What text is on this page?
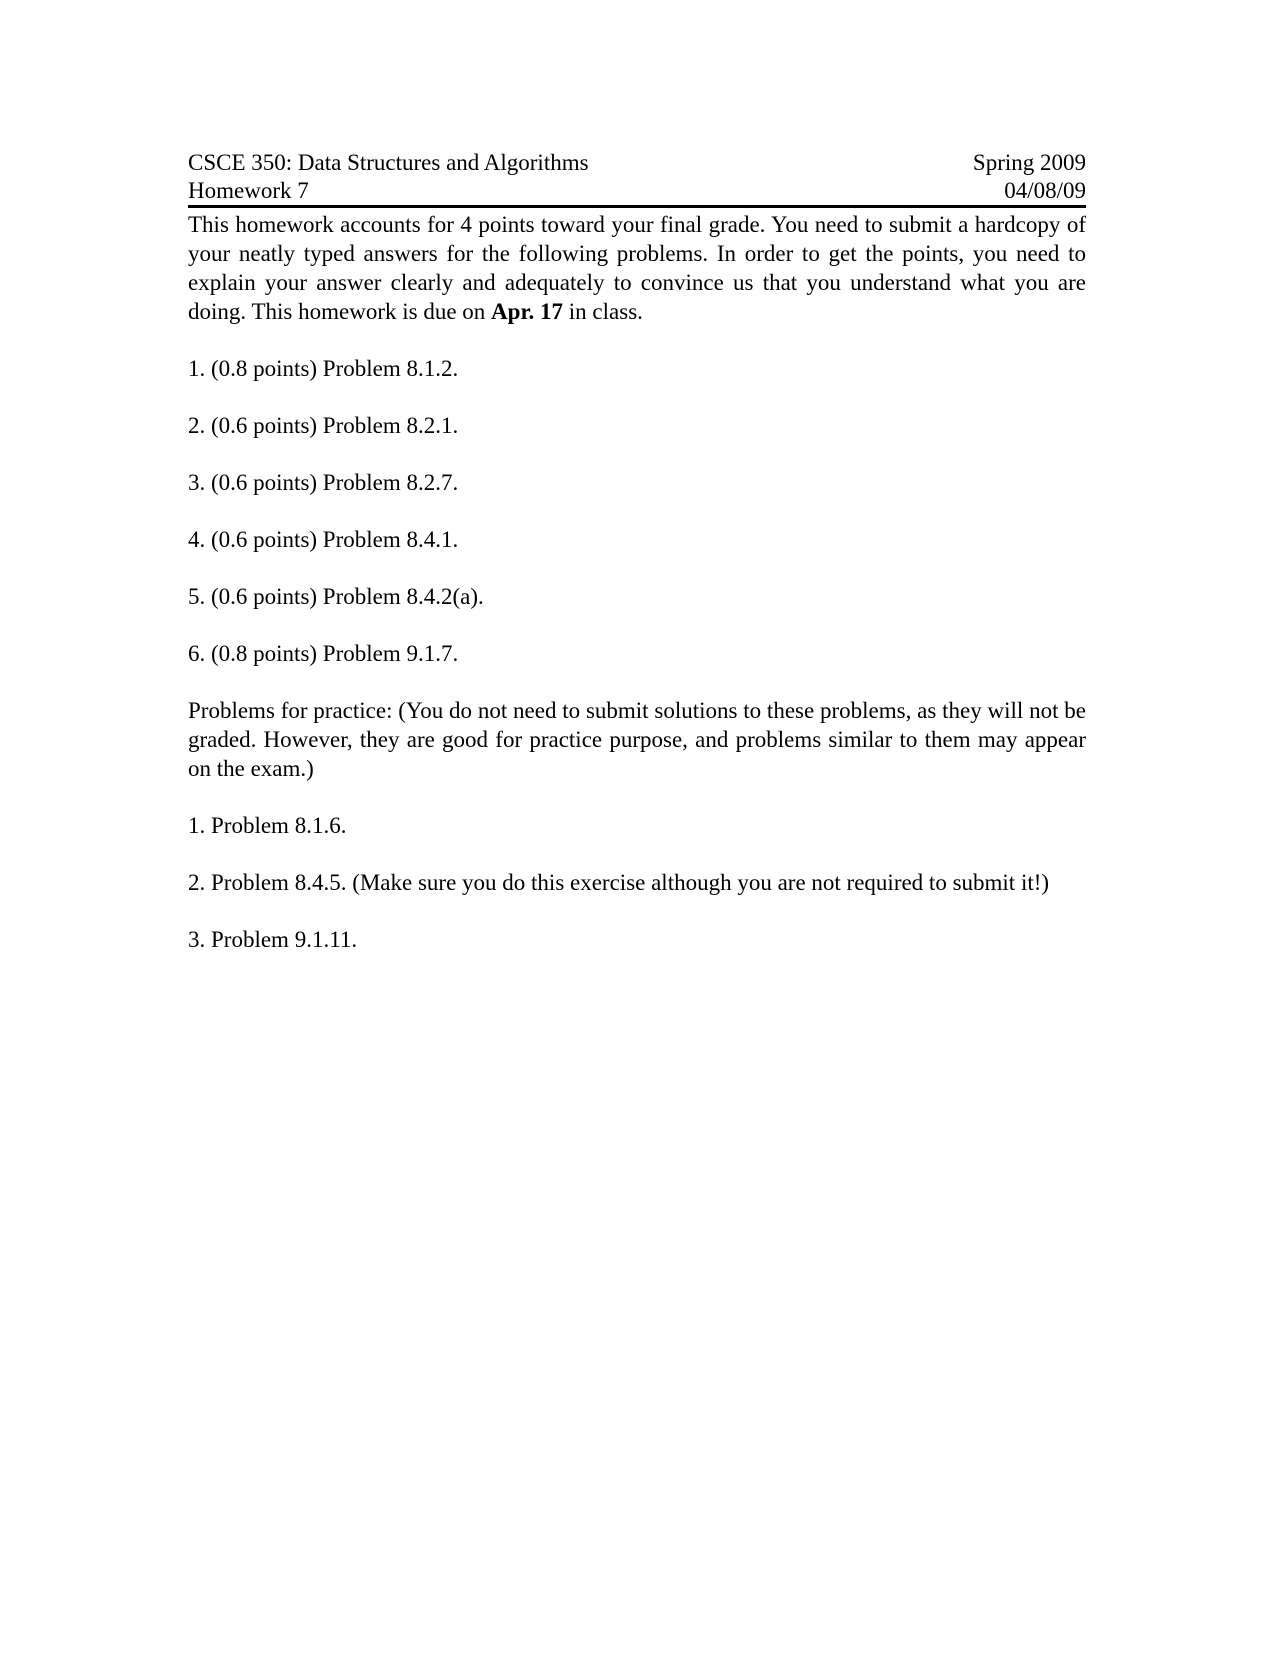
CSCE 350: Data Structures and Algorithms	Spring 2009
Homework 7	04/08/09

This homework accounts for 4 points toward your final grade. You need to submit a hardcopy of your neatly typed answers for the following problems. In order to get the points, you need to explain your answer clearly and adequately to convince us that you understand what you are doing. This homework is due on Apr. 17 in class.

1. (0.8 points) Problem 8.1.2.

2. (0.6 points) Problem 8.2.1.

3. (0.6 points) Problem 8.2.7.

4. (0.6 points) Problem 8.4.1.

5. (0.6 points) Problem 8.4.2(a).

6. (0.8 points) Problem 9.1.7.

Problems for practice: (You do not need to submit solutions to these problems, as they will not be graded. However, they are good for practice purpose, and problems similar to them may appear on the exam.)

1. Problem 8.1.6.

2. Problem 8.4.5. (Make sure you do this exercise although you are not required to submit it!)

3. Problem 9.1.11.
